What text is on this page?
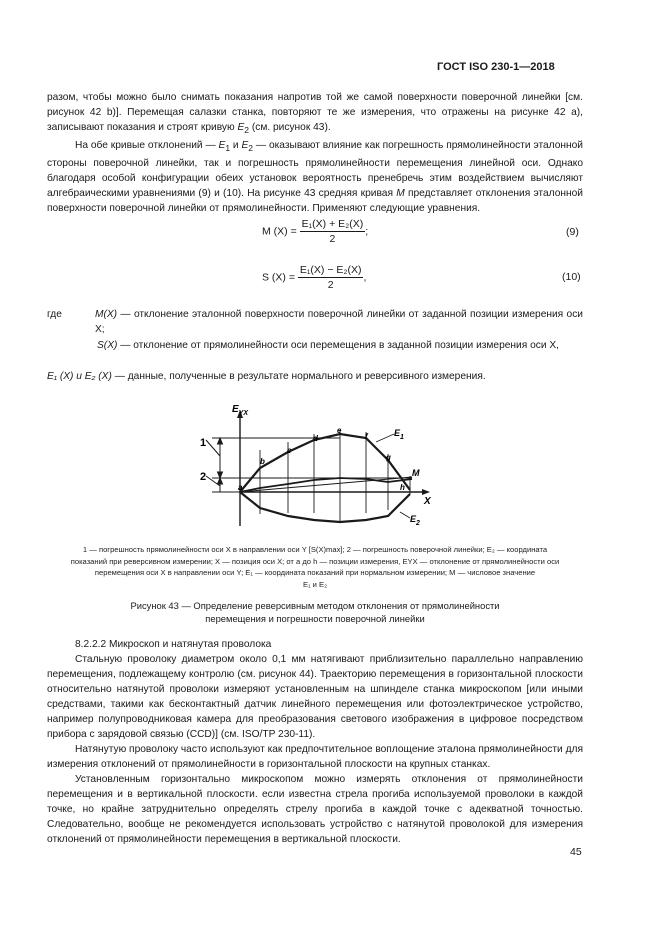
ГОСТ ISO 230-1—2018

разом, чтобы можно было снимать показания напротив той же самой поверхности поверочной линейки [см. рисунок 42 b)]. Перемещая салазки станка, повторяют те же измерения, что отражены на рисунке 42 а), записывают показания и строят кривую $E_2$ (см. рисунок 43).

На обе кривые отклонений — $E_1$ и $E_2$ — оказывают влияние как погрешность прямолинейности эталонной стороны поверочной линейки, так и погрешность прямолинейности перемещения линейной оси. Однако благодаря особой конфигурации обеих установок вероятность пренебречь этим воздействием вычисляют алгебраическими уравнениями (9) и (10). На рисунке 43 средняя кривая M представляет отклонения эталонной поверхности поверочной линейки от прямолинейности. Применяют следующие уравнения.

M $(X) = \frac{\text{E₁(X) + E₂(X)}}{2}$ ;	(9)
S $(X) = \frac{\text{E₁(X) − E₂(X)}}{2}$ ,	(10)
где	M(X) — отклонение эталонной поверхности поверочной линейки от заданной позиции измерения оси X;
S(X) — отклонение от прямолинейности оси перемещения в заданной позиции измерения оси X,
E₁ (X) и E₂ (X) — данные, полученные в результате нормального и реверсивного измерения.
1
2
$E_{YX}$
X
a
b
c
d
e
f
g
h
$E_1$
M
$E_2$
1 — погрешность прямолинейности оси X в направлении оси Y [S(X)max]; 2 — погрешность поверочной линейки; E₂ — координата
показаний при реверсивном измерении; X — позиция оси X; от a до h — позиции измерения, EYX — отклонение от прямолинейности оси перемещения оси X в направлении оси Y; E₁ — координата показаний при нормальном измерении; M — числовое значение
E₁ и E₂
Рисунок 43 — Определение реверсивным методом отклонения от прямолинейности
перемещения и погрешности поверочной линейки

8.2.2.2 Микроскоп и натянутая проволока

Стальную проволоку диаметром около 0,1 мм натягивают приблизительно параллельно направлению перемещения, подлежащему контролю (см. рисунок 44). Траекторию перемещения в горизонтальной плоскости относительно натянутой проволоки измеряют установленным на шпинделе станка микроскопом [или иными средствами, такими как бесконтактный датчик линейного перемещения или фотоэлектрическое устройство, например полупроводниковая камера для преобразования светового изображения в цифровое посредством прибора с зарядовой связью (CCD)] (см. ISO/TP 230-11).

Натянутую проволоку часто используют как предпочтительное воплощение эталона прямолинейности для измерения отклонений от прямолинейности в горизонтальной плоскости на крупных станках.

Установленным горизонтально микроскопом можно измерять отклонения от прямолинейности перемещения и в вертикальной плоскости. если известна стрела прогиба используемой проволоки в каждой точке, но крайне затруднительно определять стрелу прогиба в каждой точке с адекватной точностью. Следовательно, вообще не рекомендуется использовать устройство с натянутой проволокой для измерения отклонений от прямолинейности перемещения в вертикальной плоскости.

45
